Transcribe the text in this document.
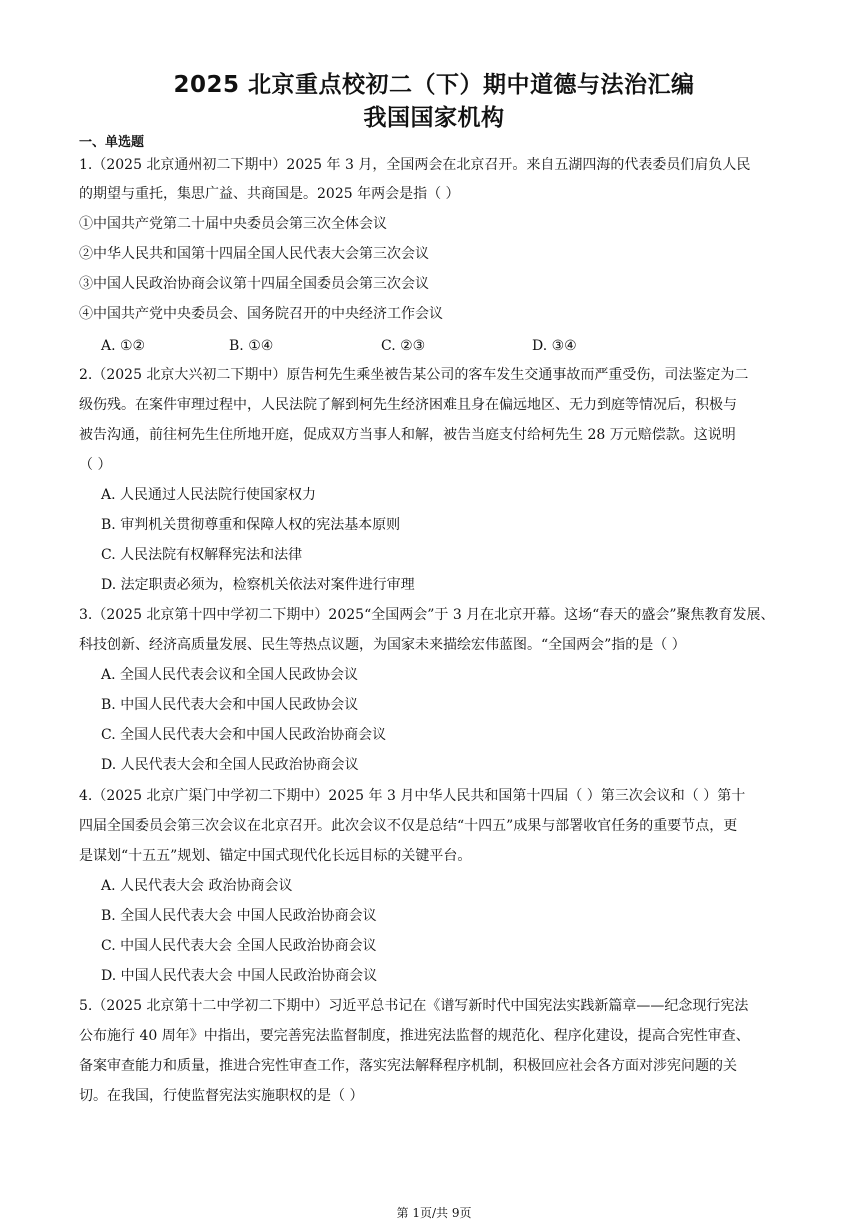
2025 北京重点校初二（下）期中道德与法治汇编
我国国家机构
一、单选题
1.（2025 北京通州初二下期中）2025 年 3 月，全国两会在北京召开。来自五湖四海的代表委员们肩负人民
的期望与重托，集思广益、共商国是。2025 年两会是指（ ）
①中国共产党第二十届中央委员会第三次全体会议
②中华人民共和国第十四届全国人民代表大会第三次会议
③中国人民政治协商会议第十四届全国委员会第三次会议
④中国共产党中央委员会、国务院召开的中央经济工作会议
A. ①②	B. ①④	C. ②③	D. ③④
2.（2025 北京大兴初二下期中）原告柯先生乘坐被告某公司的客车发生交通事故而严重受伤，司法鉴定为二
级伤残。在案件审理过程中，人民法院了解到柯先生经济困难且身在偏远地区、无力到庭等情况后，积极与
被告沟通，前往柯先生住所地开庭，促成双方当事人和解，被告当庭支付给柯先生 28 万元赔偿款。这说明
（ ）
A. 人民通过人民法院行使国家权力
B. 审判机关贯彻尊重和保障人权的宪法基本原则
C. 人民法院有权解释宪法和法律
D. 法定职责必须为，检察机关依法对案件进行审理
3.（2025 北京第十四中学初二下期中）2025“全国两会”于 3 月在北京开幕。这场“春天的盛会”聚焦教育发展、
科技创新、经济高质量发展、民生等热点议题，为国家未来描绘宏伟蓝图。“全国两会”指的是（ ）
A. 全国人民代表会议和全国人民政协会议
B. 中国人民代表大会和中国人民政协会议
C. 全国人民代表大会和中国人民政治协商会议
D. 人民代表大会和全国人民政治协商会议
4.（2025 北京广渠门中学初二下期中）2025 年 3 月中华人民共和国第十四届（ ）第三次会议和（ ）第十
四届全国委员会第三次会议在北京召开。此次会议不仅是总结“十四五”成果与部署收官任务的重要节点，更
是谋划“十五五”规划、锚定中国式现代化长远目标的关键平台。
A. 人民代表大会 政治协商会议
B. 全国人民代表大会 中国人民政治协商会议
C. 中国人民代表大会 全国人民政治协商会议
D. 中国人民代表大会 中国人民政治协商会议
5.（2025 北京第十二中学初二下期中）习近平总书记在《谱写新时代中国宪法实践新篇章——纪念现行宪法
公布施行 40 周年》中指出，要完善宪法监督制度，推进宪法监督的规范化、程序化建设，提高合宪性审查、
备案审查能力和质量，推进合宪性审查工作，落实宪法解释程序机制，积极回应社会各方面对涉宪问题的关
切。在我国，行使监督宪法实施职权的是（ ）
第 1页/共 9页
